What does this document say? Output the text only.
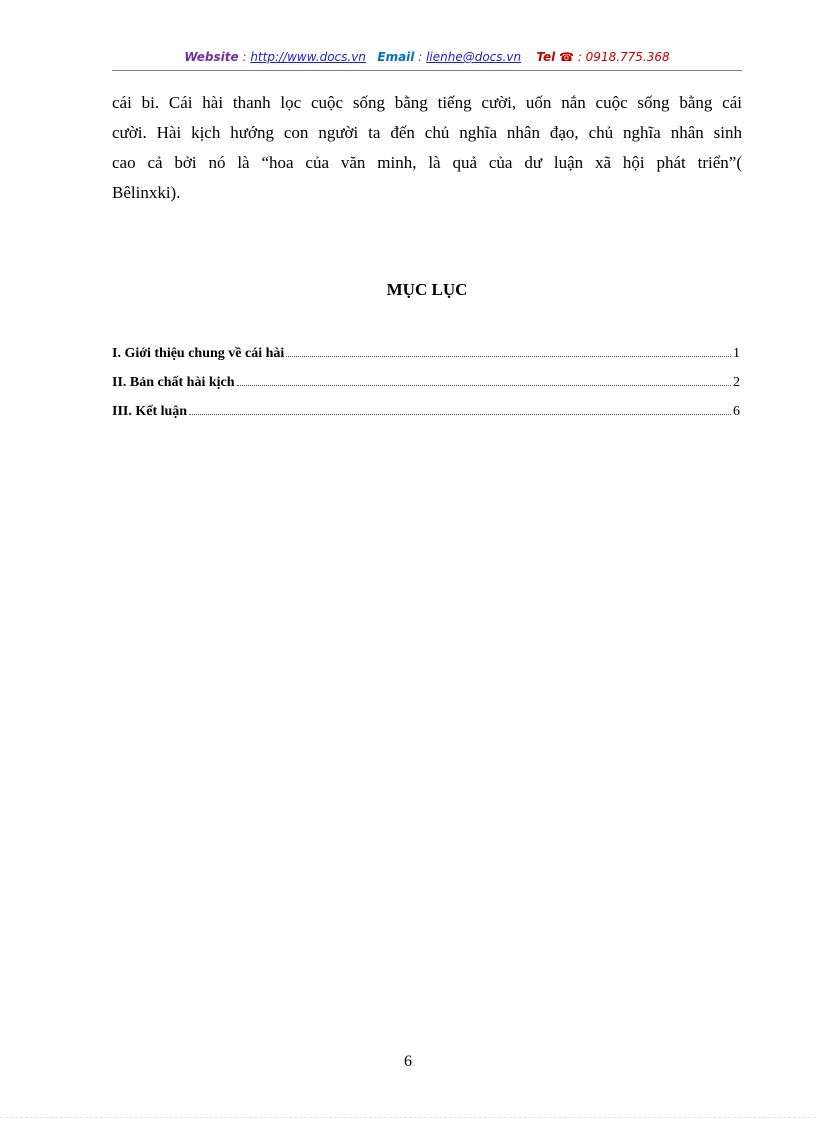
Website : http://www.docs.vn Email : lienhe@docs.vn Tel ☎ : 0918.775.368
cái bi. Cái hài thanh lọc cuộc sống bằng tiếng cười, uốn nắn cuộc sống bằng cái
cười. Hài kịch hướng con người ta đến chủ nghĩa nhân đạo, chủ nghĩa nhân sinh
cao cả bởi nó là “hoa của văn minh, là quả của dư luận xã hội phát triển”(
Bêlinxki).
MỤC LỤC
I. Giới thiệu chung về cái hài	1
II. Bản chất hài kịch	2
III. Kết luận	6
6
